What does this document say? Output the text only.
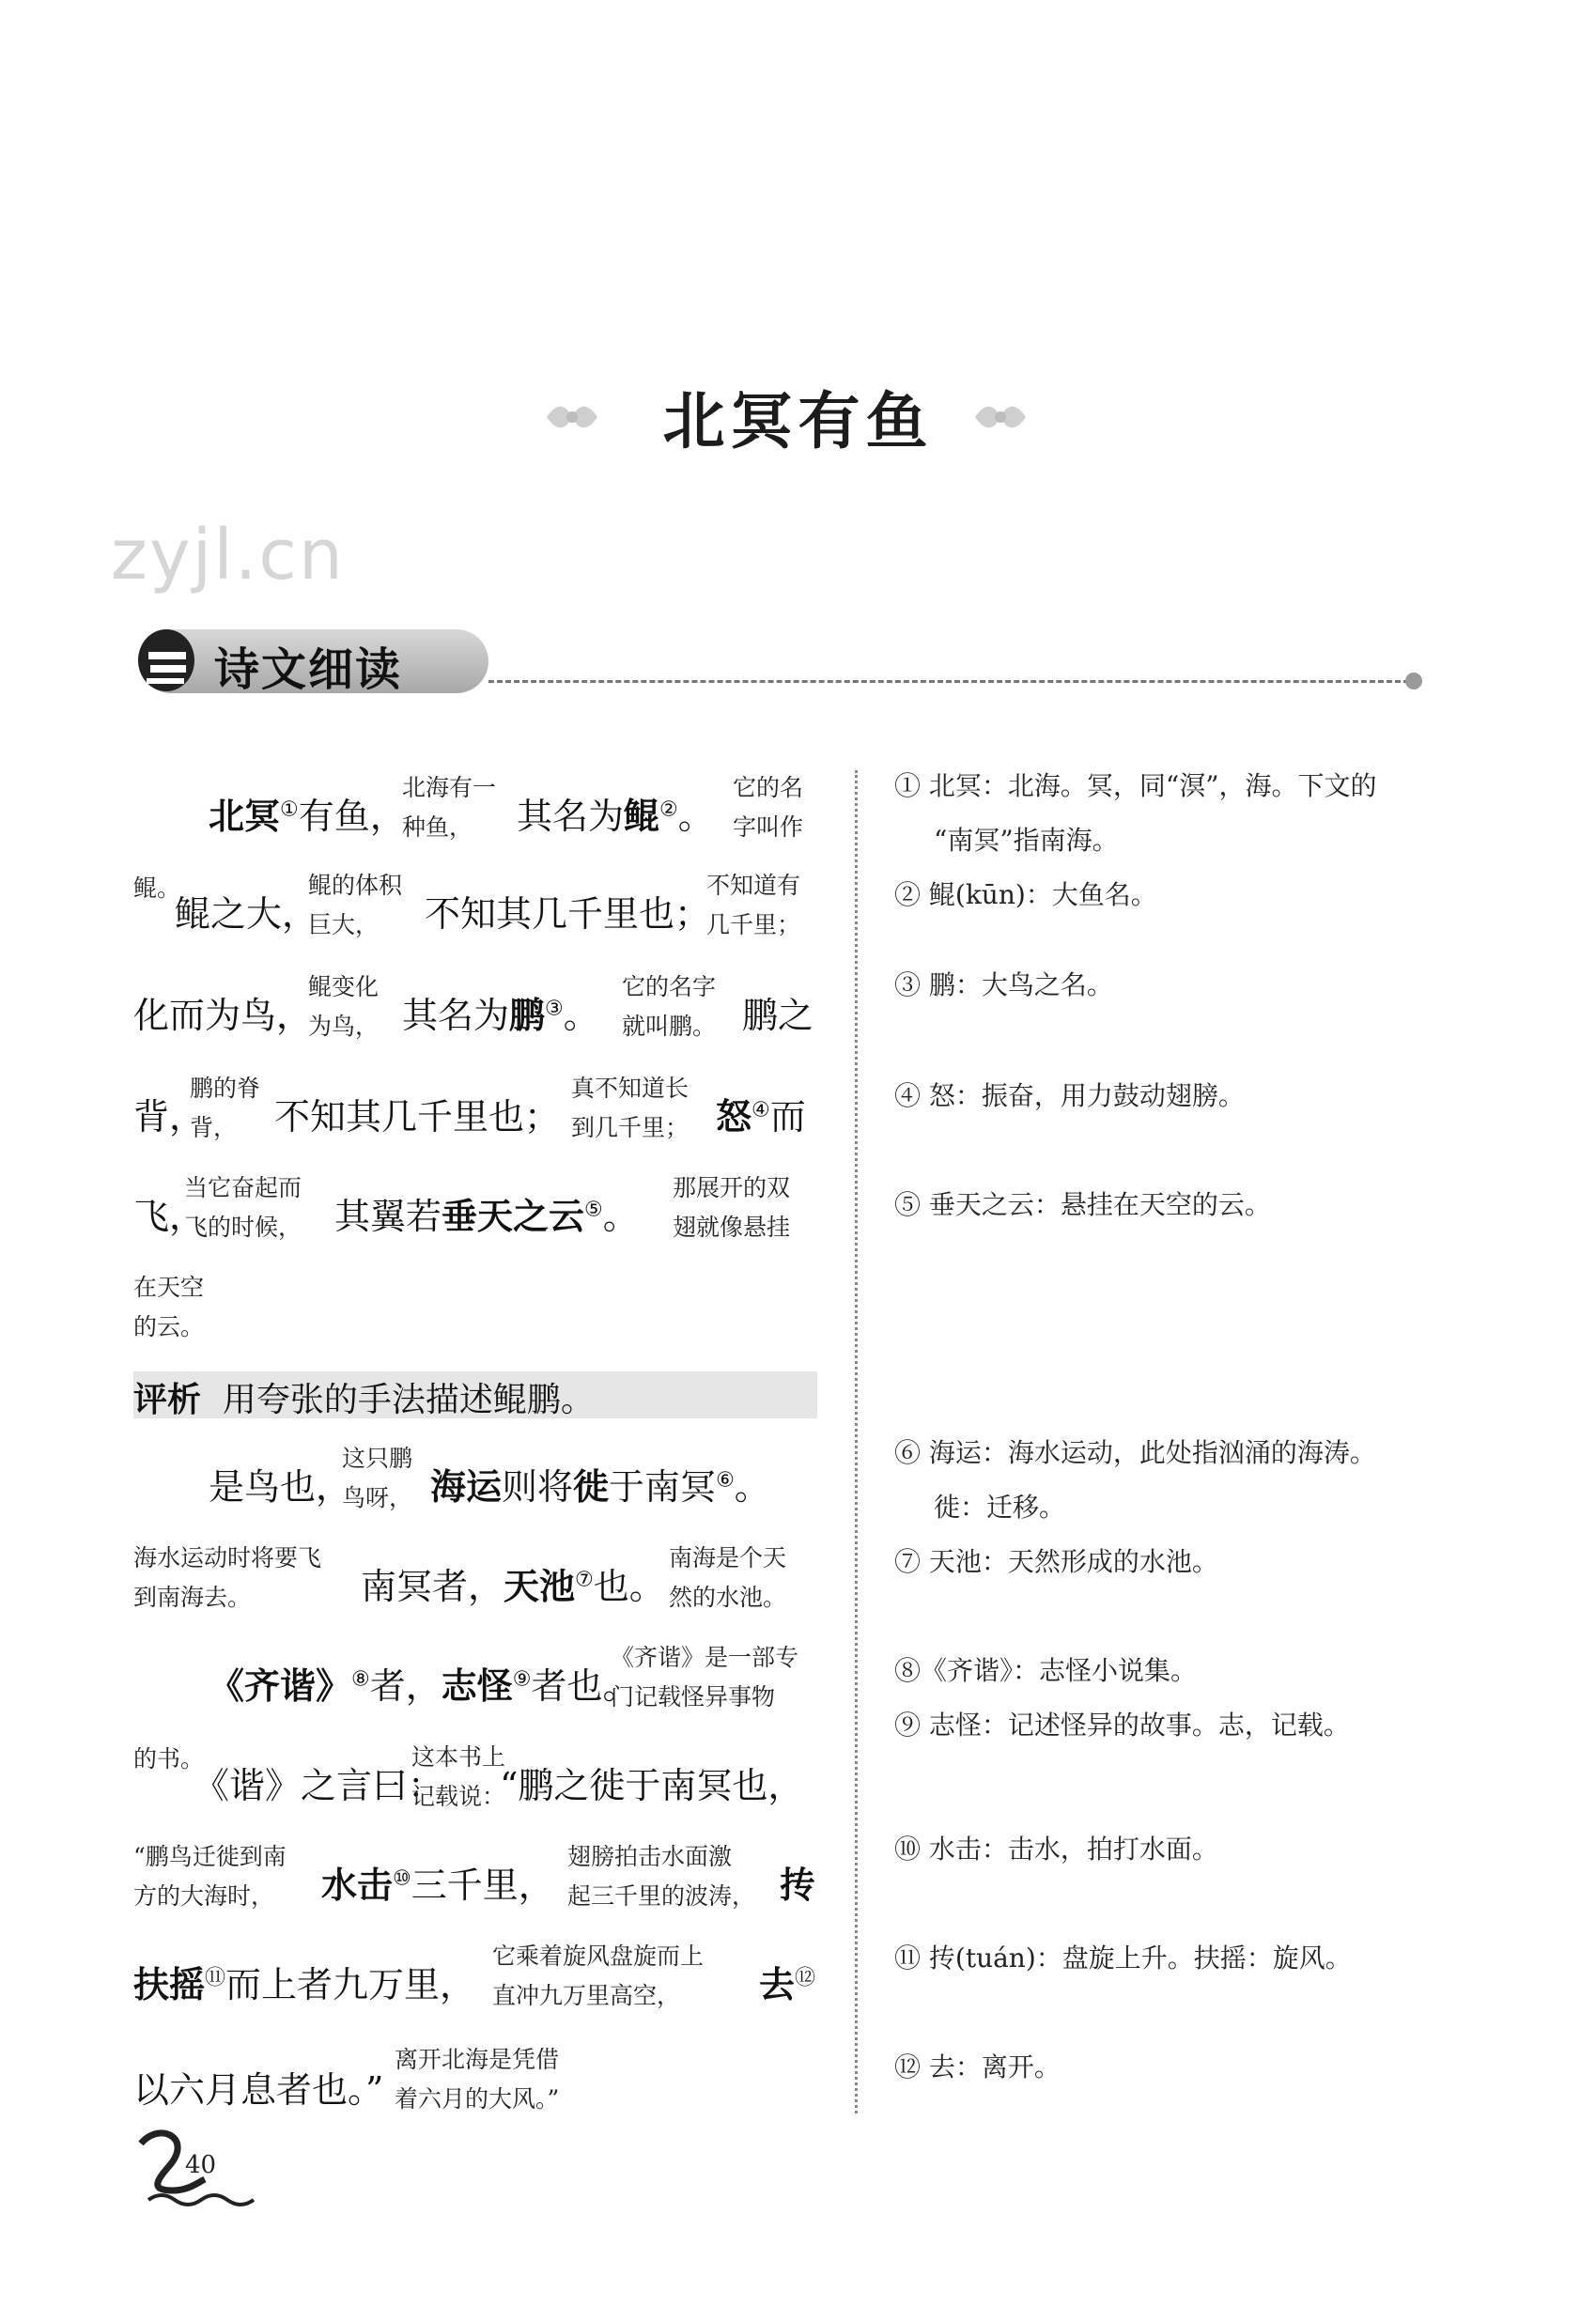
北冥有鱼
zyjl.cn
诗文细读
北冥①有鱼，
北海有一
种鱼，	其名为鲲②。
它的名
字叫作
鲲。
鲲之大，
鲲的体积
巨大，	不知其几千里也；
不知道有
几千里；
化而为鸟，
鲲变化
为鸟， 其名为鹏③。
它的名字
就叫鹏。 鹏之
背，
鹏的脊
背，	不知其几千里也；
真不知道长
到几千里； 怒④而
飞，
当它奋起而
飞的时候， 其翼若垂天之云⑤。
那展开的双
翅就像悬挂
在天空
的云。
评析 用夸张的手法描述鲲鹏。
是鸟也，
这只鹏
鸟呀， 海运则将徙于南冥⑥。
海水运动时将要飞
到南海去。	南冥者，天池⑦也。
南海是个天
然的水池。
《齐谐》⑧者，志怪⑨者也。
《齐谐》是一部专
门记载怪异事物
的书。
《谐》之言曰：
这本书上
记载说：
“鹏之徙于南冥也，
“鹏鸟迁徙到南
方的大海时，	水击⑩三千里，
翅膀拍击水面激
起三千里的波涛， 抟
扶摇⑪而上者九万里，
它乘着旋风盘旋而上
直冲九万里高空，	去⑫
以六月息者也。”
离开北海是凭借
着六月的大风。”
① 北冥：北海。冥，同“溟”，海。下文的
“南冥”指南海。
② 鲲(kūn)：大鱼名。
③ 鹏：大鸟之名。
④ 怒：振奋，用力鼓动翅膀。
⑤ 垂天之云：悬挂在天空的云。
⑥ 海运：海水运动，此处指汹涌的海涛。
徙：迁移。
⑦ 天池：天然形成的水池。
⑧《齐谐》：志怪小说集。
⑨ 志怪：记述怪异的故事。志，记载。
⑩ 水击：击水，拍打水面。
⑪ 抟(tuán)：盘旋上升。扶摇：旋风。
⑫ 去：离开。
40
